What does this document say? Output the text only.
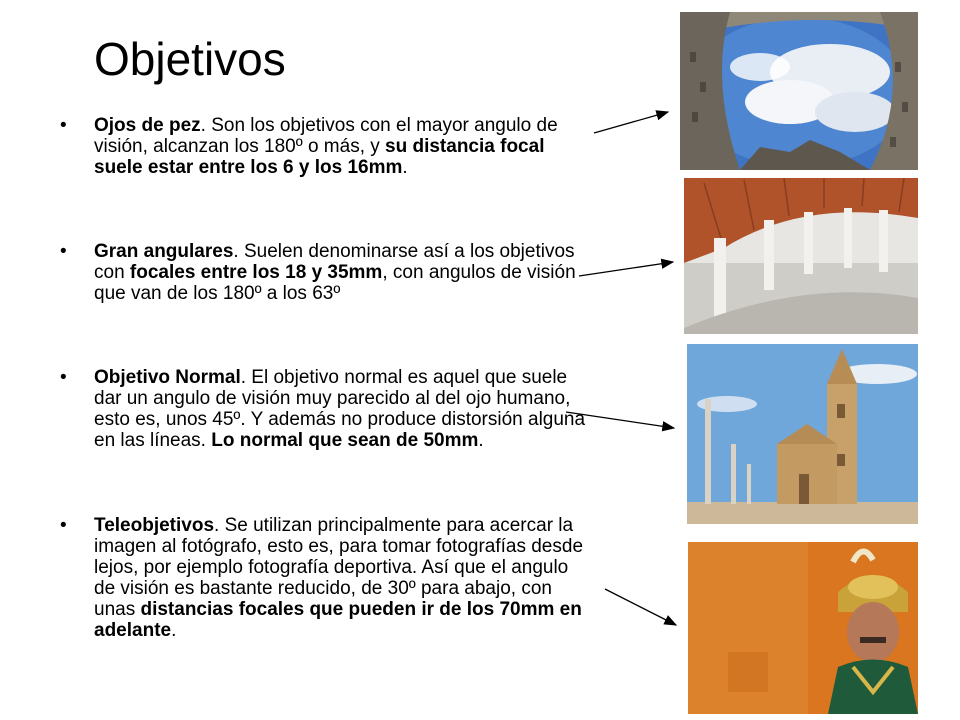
Objetivos
• Ojos de pez. Son los objetivos con el mayor angulo de visión, alcanzan los 180º o más, y su distancia focal suele estar entre los 6 y los 16mm.
• Gran angulares. Suelen denominarse así a los objetivos con focales entre los 18 y 35mm, con angulos de visión que van de los 180º a los 63º
• Objetivo Normal. El objetivo normal es aquel que suele dar un angulo de visión muy parecido al del ojo humano, esto es, unos 45º. Y además no produce distorsión alguna en las líneas. Lo normal que sean de 50mm.
• Teleobjetivos. Se utilizan principalmente para acercar la imagen al fotógrafo, esto es, para tomar fotografías desde lejos, por ejemplo fotografía deportiva. Así que el angulo de visión es bastante reducido, de 30º para abajo, con unas distancias focales que pueden ir de los 70mm en adelante.
